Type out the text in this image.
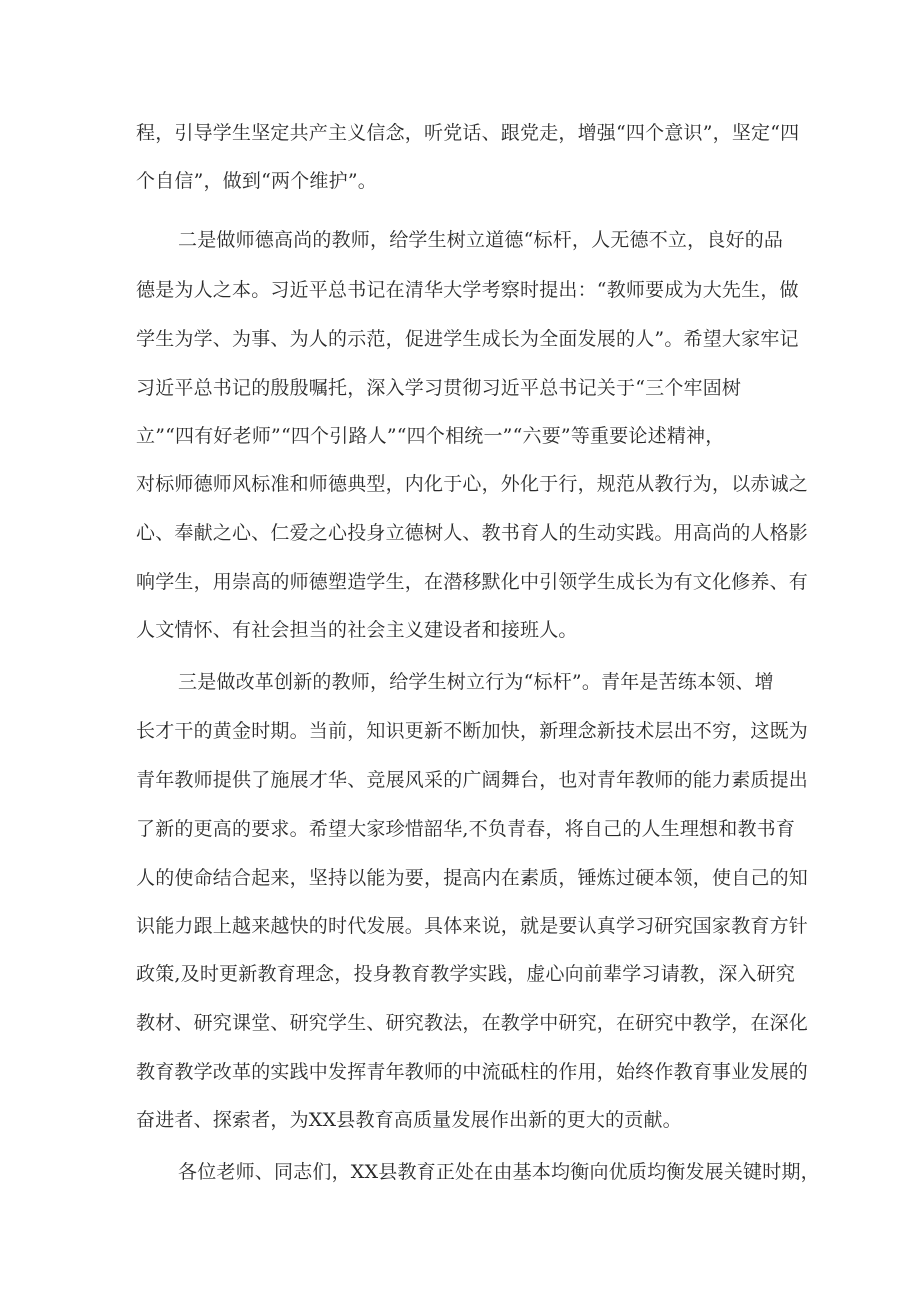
程，引导学生坚定共产主义信念，听党话、跟党走，增强“四个意识”，坚定“四
个自信”，做到“两个维护”。
二是做师德高尚的教师，给学生树立道德“标杆，人无德不立，良好的品
德是为人之本。习近平总书记在清华大学考察时提出：“教师要成为大先生，做
学生为学、为事、为人的示范，促进学生成长为全面发展的人”。希望大家牢记
习近平总书记的殷殷嘱托，深入学习贯彻习近平总书记关于“三个牢固树
立”“四有好老师”“四个引路人”“四个相统一”“六要”等重要论述精神，
对标师德师风标准和师德典型，内化于心，外化于行，规范从教行为，以赤诚之
心、奉献之心、仁爱之心投身立德树人、教书育人的生动实践。用高尚的人格影
响学生，用崇高的师德塑造学生，在潜移默化中引领学生成长为有文化修养、有
人文情怀、有社会担当的社会主义建设者和接班人。
三是做改革创新的教师，给学生树立行为“标杆”。青年是苦练本领、增
长才干的黄金时期。当前，知识更新不断加快，新理念新技术层出不穷，这既为
青年教师提供了施展才华、竞展风采的广阔舞台，也对青年教师的能力素质提出
了新的更高的要求。希望大家珍惜韶华,不负青春，将自己的人生理想和教书育
人的使命结合起来，坚持以能为要，提高内在素质，锤炼过硬本领，使自己的知
识能力跟上越来越快的时代发展。具体来说，就是要认真学习研究国家教育方针
政策,及时更新教育理念，投身教育教学实践，虚心向前辈学习请教，深入研究
教材、研究课堂、研究学生、研究教法，在教学中研究，在研究中教学，在深化
教育教学改革的实践中发挥青年教师的中流砥柱的作用，始终作教育事业发展的
奋进者、探索者，为XX县教育高质量发展作出新的更大的贡献。
各位老师、同志们，XX县教育正处在由基本均衡向优质均衡发展关键时期，
